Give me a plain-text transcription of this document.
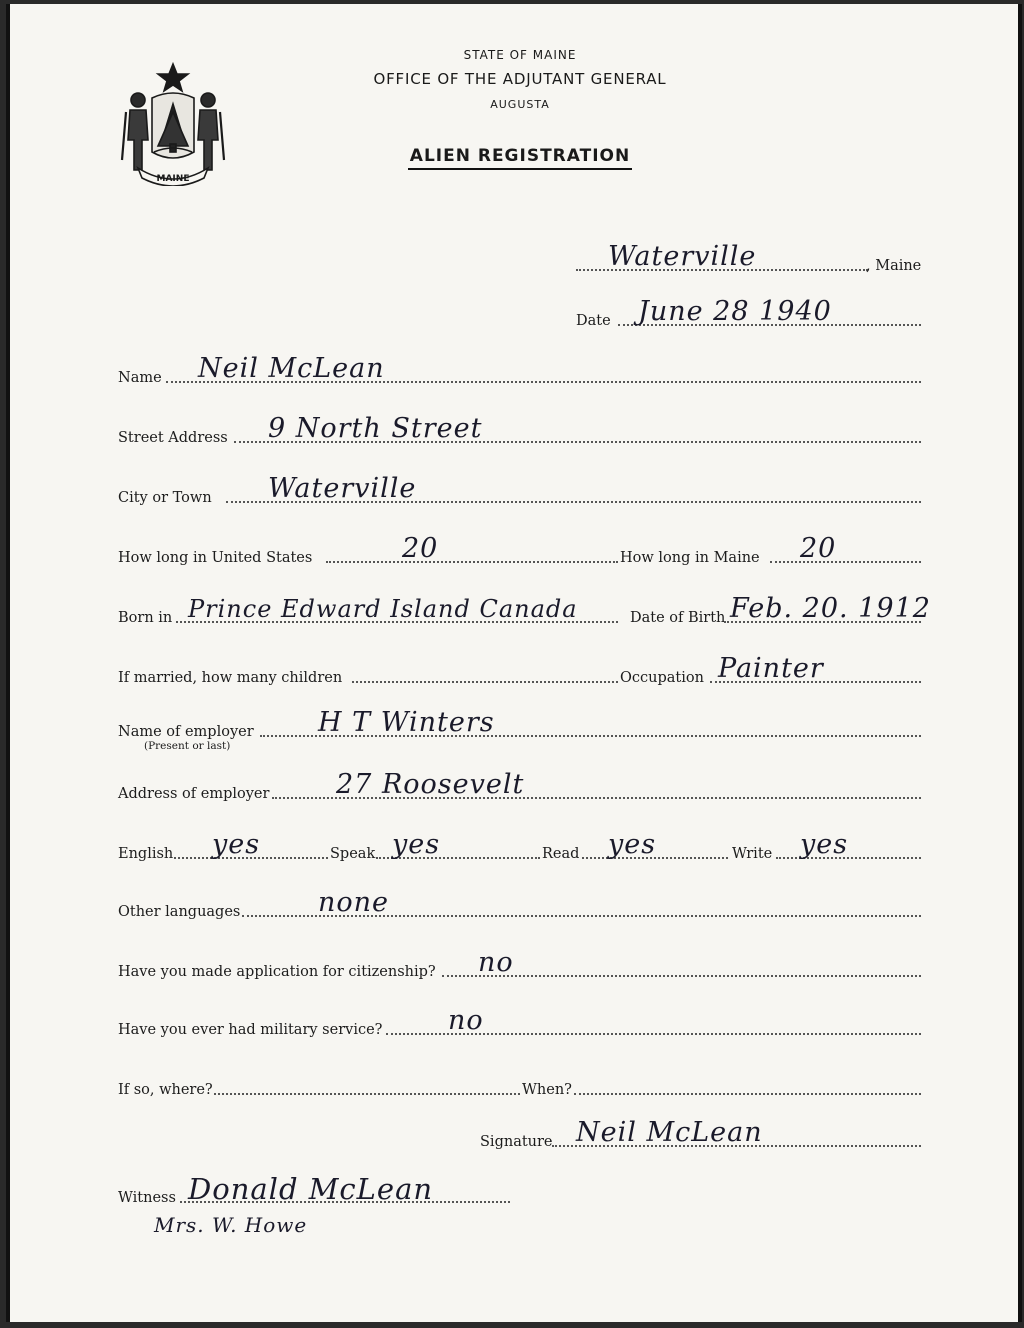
MAINE
STATE OF MAINE
OFFICE OF THE ADJUTANT GENERAL
AUGUSTA
ALIEN REGISTRATION
Waterville	, Maine
Date June 28 1940
Name Neil McLean
Street Address 9 North Street
City or Town Waterville
How long in United States	20	How long in Maine 20
Born in Prince Edward Island Canada	Date of Birth Feb. 20. 1912
If married, how many children	Occupation Painter
Name of employer
(Present or last)
H T Winters
Address of employer 27 Roosevelt
English yes	Speak yes	Read yes	Write yes
Other languages	none
Have you made application for citizenship? no
Have you ever had military service? no
If so, where?	When?
Signature Neil McLean
Witness Donald McLean
Mrs. W. Howe
